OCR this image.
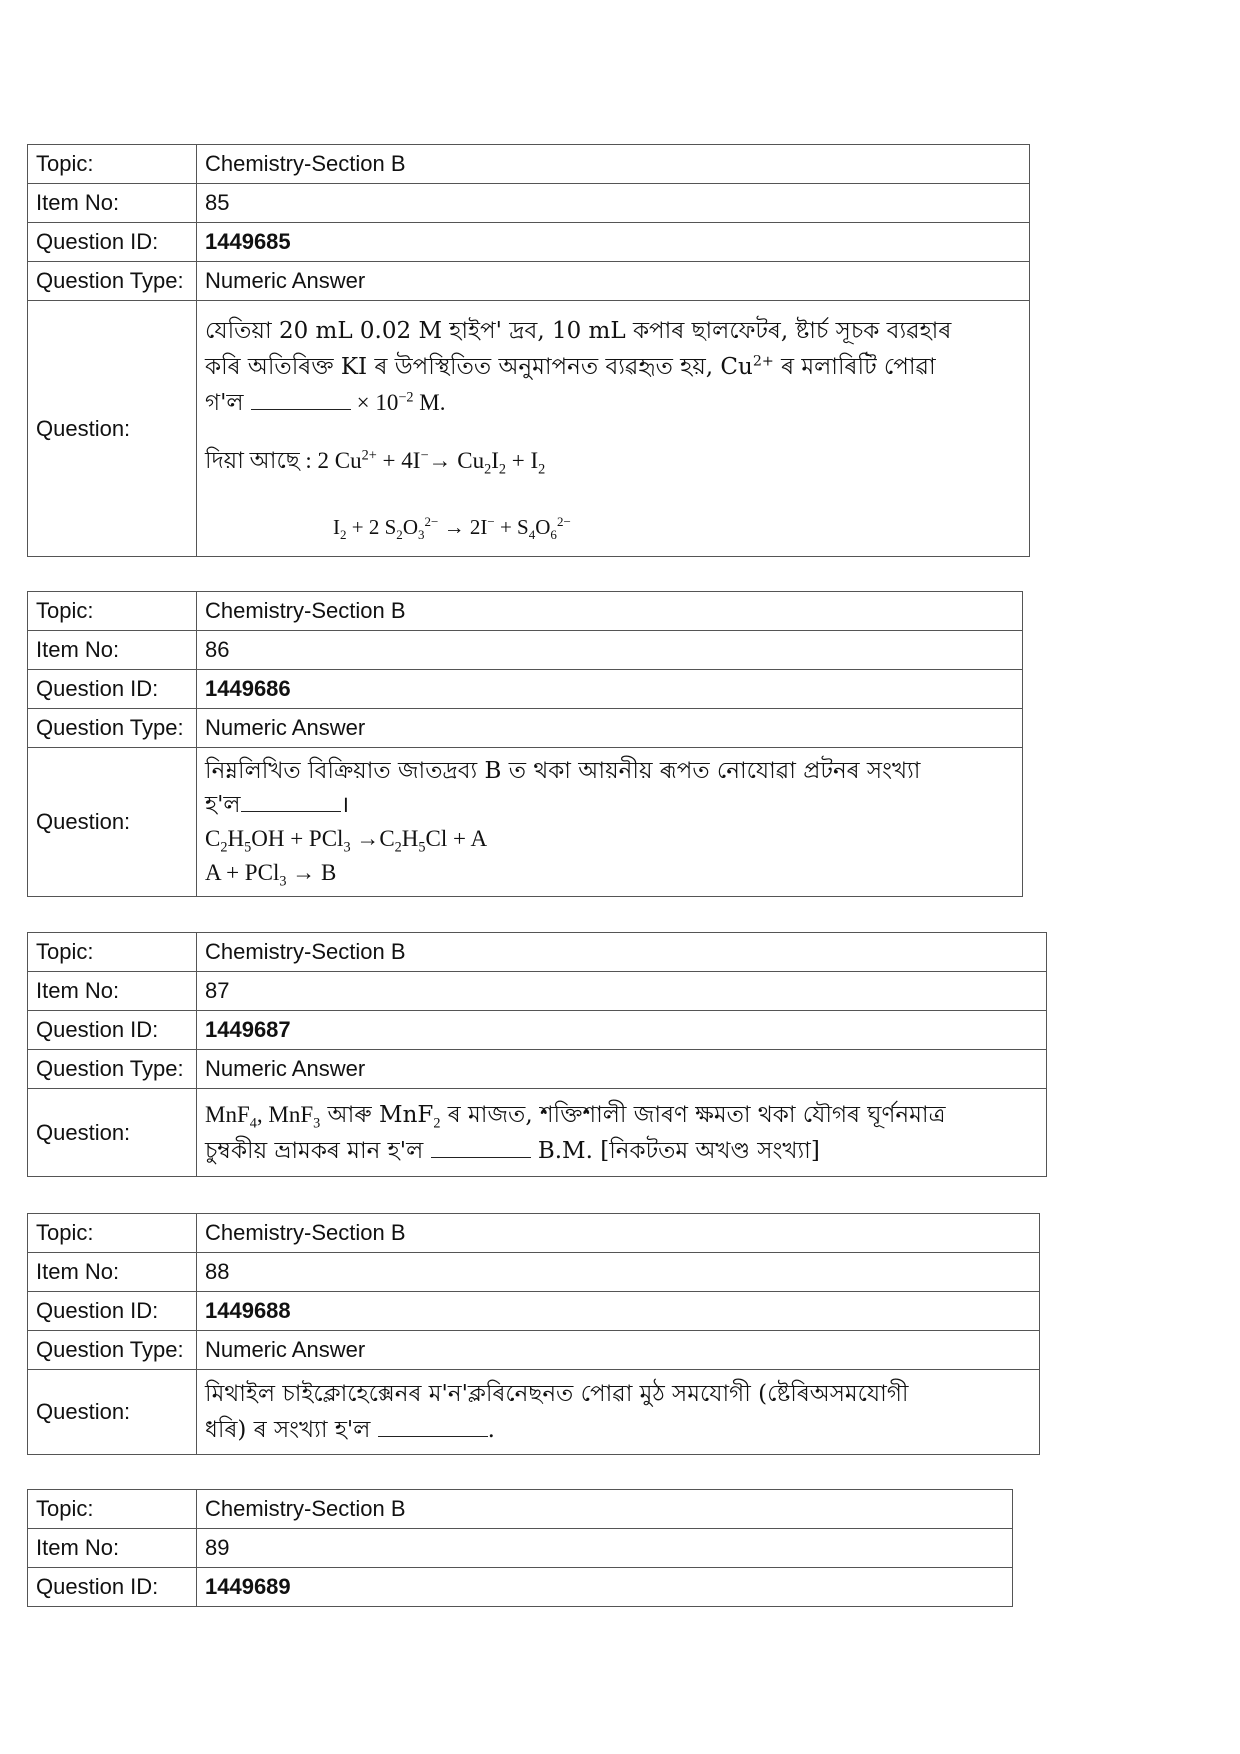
Topic:	Chemistry-Section B
Item No:	85
Question ID:	1449685
Question Type:	Numeric Answer
Question:	যেতিয়া 20 mL 0.02 M হাইপ' দ্ৰব, 10 mL কপাৰ ছালফেটৰ, ষ্টাৰ্চ সূচক ব্যৱহাৰ
কৰি অতিৰিক্ত KI ৰ উপস্থিতিত অনুমাপনত ব্যৱহৃত হয়, $Cu^{2+}$ ৰ মলাৰিটি পোৱা
গ'ল × $10^{-2}$ M.
দিয়া আছে : 2 $Cu^{2+} + 4I^-\to Cu_2I_2 + I_2$
$I_2 + 2$ $S_2O_3^{2-} \to 2I^- + S_4O_6^{2-}$
Topic:	Chemistry-Section B
Item No:	86
Question ID:	1449686
Question Type:	Numeric Answer
Question:	নিম্নলিখিত বিক্ৰিয়াত জাতদ্ৰব্য B ত থকা আয়নীয় ৰূপত নোযোৱা প্ৰটনৰ সংখ্যা
হ'ল ।
$C_2H_5OH + PCl_3 \to C_2H_5Cl + A$
A + PCl$_3$ → B
Topic:	Chemistry-Section B
Item No:	87
Question ID:	1449687
Question Type:	Numeric Answer
Question:	MnF$_4$, MnF$_3$ আৰু MnF$_2$ ৰ মাজত, শক্তিশালী জাৰণ ক্ষমতা থকা যৌগৰ ঘূৰ্ণনমাত্ৰ
চুম্বকীয় ভ্ৰামকৰ মান হ'ল B.M. [নিকটতম অখণ্ড সংখ্যা]
Topic:	Chemistry-Section B
Item No:	88
Question ID:	1449688
Question Type:	Numeric Answer
Question:	মিথাইল চাইক্লোহেক্সেনৰ ম'ন'ক্লৰিনেছনত পোৱা মুঠ সমযোগী (ষ্টেৰিঅসমযোগী
ধৰি) ৰ সংখ্যা হ'ল .
Topic:	Chemistry-Section B
Item No:	89
Question ID:	1449689
